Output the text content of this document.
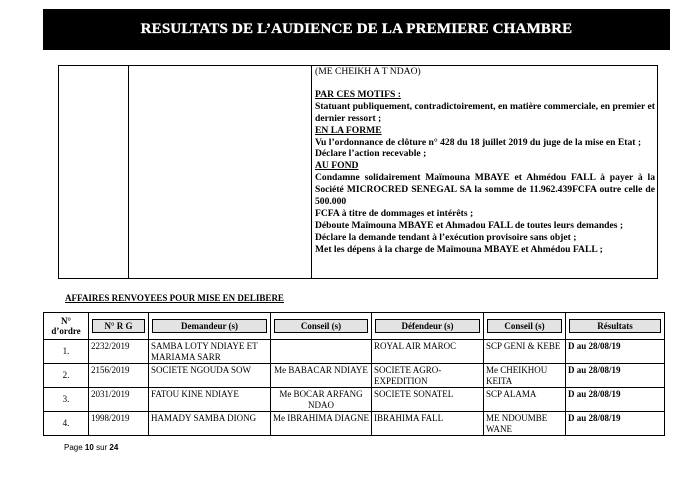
RESULTATS DE L’AUDIENCE DE LA PREMIERE CHAMBRE
(ME CHEIKH A T NDAO)
PAR CES MOTIFS :
Statuant publiquement, contradictoirement, en matière commerciale, en premier et
dernier ressort ;
EN LA FORME
Vu l’ordonnance de clôture n° 428 du 18 juillet 2019 du juge de la mise en Etat ;
Déclare l’action recevable ;
AU FOND
Condamne solidairement Maïmouna MBAYE et Ahmédou FALL à payer à la
Société MICROCRED SENEGAL SA la somme de 11.962.439FCFA outre celle de 500.000
FCFA à titre de dommages et intérêts ;
Déboute Maïmouna MBAYE et Ahmadou FALL de toutes leurs demandes ;
Déclare la demande tendant à l’exécution provisoire sans objet ;
Met les dépens à la charge de Maïmouna MBAYE et Ahmédou FALL ;
AFFAIRES RENVOYEES POUR MISE EN DELIBERE
N°
d’ordre	N° R G	Demandeur (s)	Conseil (s)	Défendeur (s)	Conseil (s)	Résultats

1.	2232/2019	SAMBA LOTY NDIAYE ET MARIAMA SARR		ROYAL AIR MAROC	SCP GENI & KEBE	D au 28/08/19
2.	2156/2019	SOCIETE NGOUDA SOW	Me BABACAR NDIAYE	SOCIETE AGRO-EXPEDITION	Me CHEIKHOU KEITA	D au 28/08/19
3.	2031/2019	FATOU KINE NDIAYE	Me BOCAR ARFANG NDAO	SOCIETE SONATEL	SCP ALAMA	D au 28/08/19
4.	1998/2019	HAMADY SAMBA DIONG	Me IBRAHIMA DIAGNE	IBRAHIMA FALL	ME NDOUMBE WANE	D au 28/08/19
Page 10 sur 24
